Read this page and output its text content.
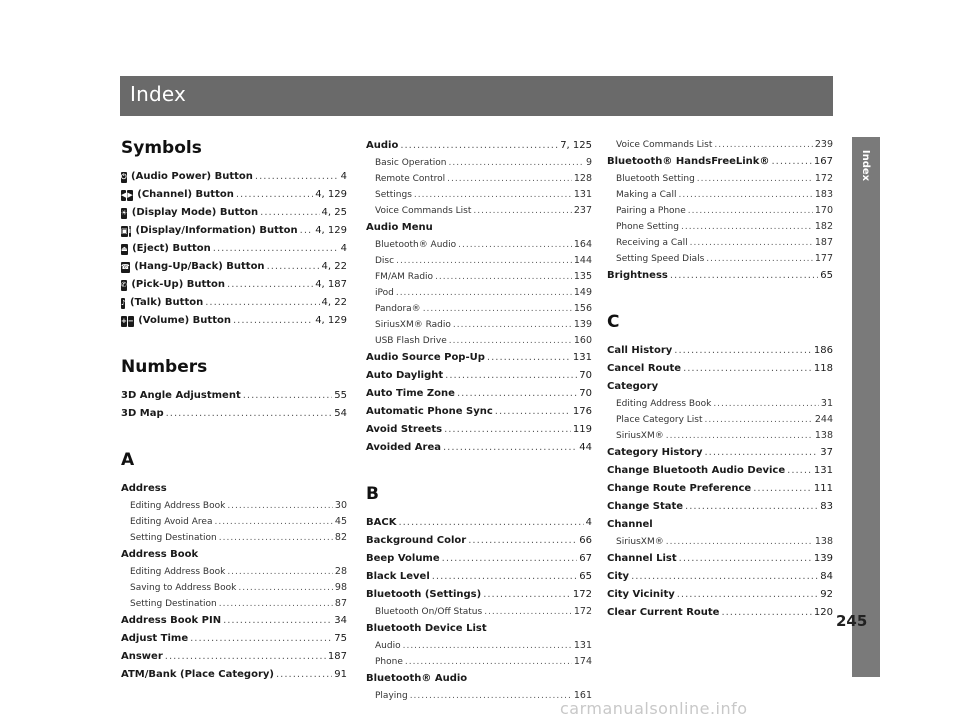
Index
Index
Symbols
⏻
(Audio Power) Button .....	4
◀ ▶
(Channel) Button .....	4, 129
☀
(Display Mode) Button .....	4, 25
▣ i
(Display/Information) Button ..... 4, 129
⏏
(Eject) Button .....	4
☎
(Hang-Up/Back) Button .....	4, 22
✆
(Pick-Up) Button .....	4, 187
♪
(Talk) Button .....	4, 22
+ −
(Volume) Button .....	4, 129
Numbers
3D Angle Adjustment .....	55
3D Map .....	54
A
Address
Editing Address Book .....	30
Editing Avoid Area .....	45
Setting Destination .....	82
Address Book
Editing Address Book .....	28
Saving to Address Book .....	98
Setting Destination .....	87
Address Book PIN .....	34
Adjust Time .....	75
Answer .....	187
ATM/Bank (Place Category) .....	91
Audio .....	7, 125
Basic Operation .....	9
Remote Control .....	128
Settings .....	131
Voice Commands List .....	237
Audio Menu
Bluetooth® Audio .....	164
Disc .....	144
FM/AM Radio .....	135
iPod .....	149
Pandora® .....	156
SiriusXM® Radio .....	139
USB Flash Drive .....	160
Audio Source Pop-Up .....	131
Auto Daylight .....	70
Auto Time Zone .....	70
Automatic Phone Sync .....	176
Avoid Streets .....	119
Avoided Area .....	44
B
BACK .....	4
Background Color .....	66
Beep Volume .....	67
Black Level .....	65
Bluetooth (Settings) .....	172
Bluetooth On/Off Status .....	172
Bluetooth Device List
Audio .....	131
Phone .....	174
Bluetooth® Audio
Playing .....	161
Voice Commands List .....	239
Bluetooth® HandsFreeLink® .....	167
Bluetooth Setting .....	172
Making a Call .....	183
Pairing a Phone .....	170
Phone Setting .....	182
Receiving a Call .....	187
Setting Speed Dials .....	177
Brightness .....	65
C
Call History .....	186
Cancel Route .....	118
Category
Editing Address Book .....	31
Place Category List .....	244
SiriusXM® .....	138
Category History .....	37
Change Bluetooth Audio Device .....	131
Change Route Preference .....	111
Change State .....	83
Channel
SiriusXM® .....	138
Channel List .....	139
City .....	84
City Vicinity .....	92
Clear Current Route .....	120 245
carmanualsonline.info
